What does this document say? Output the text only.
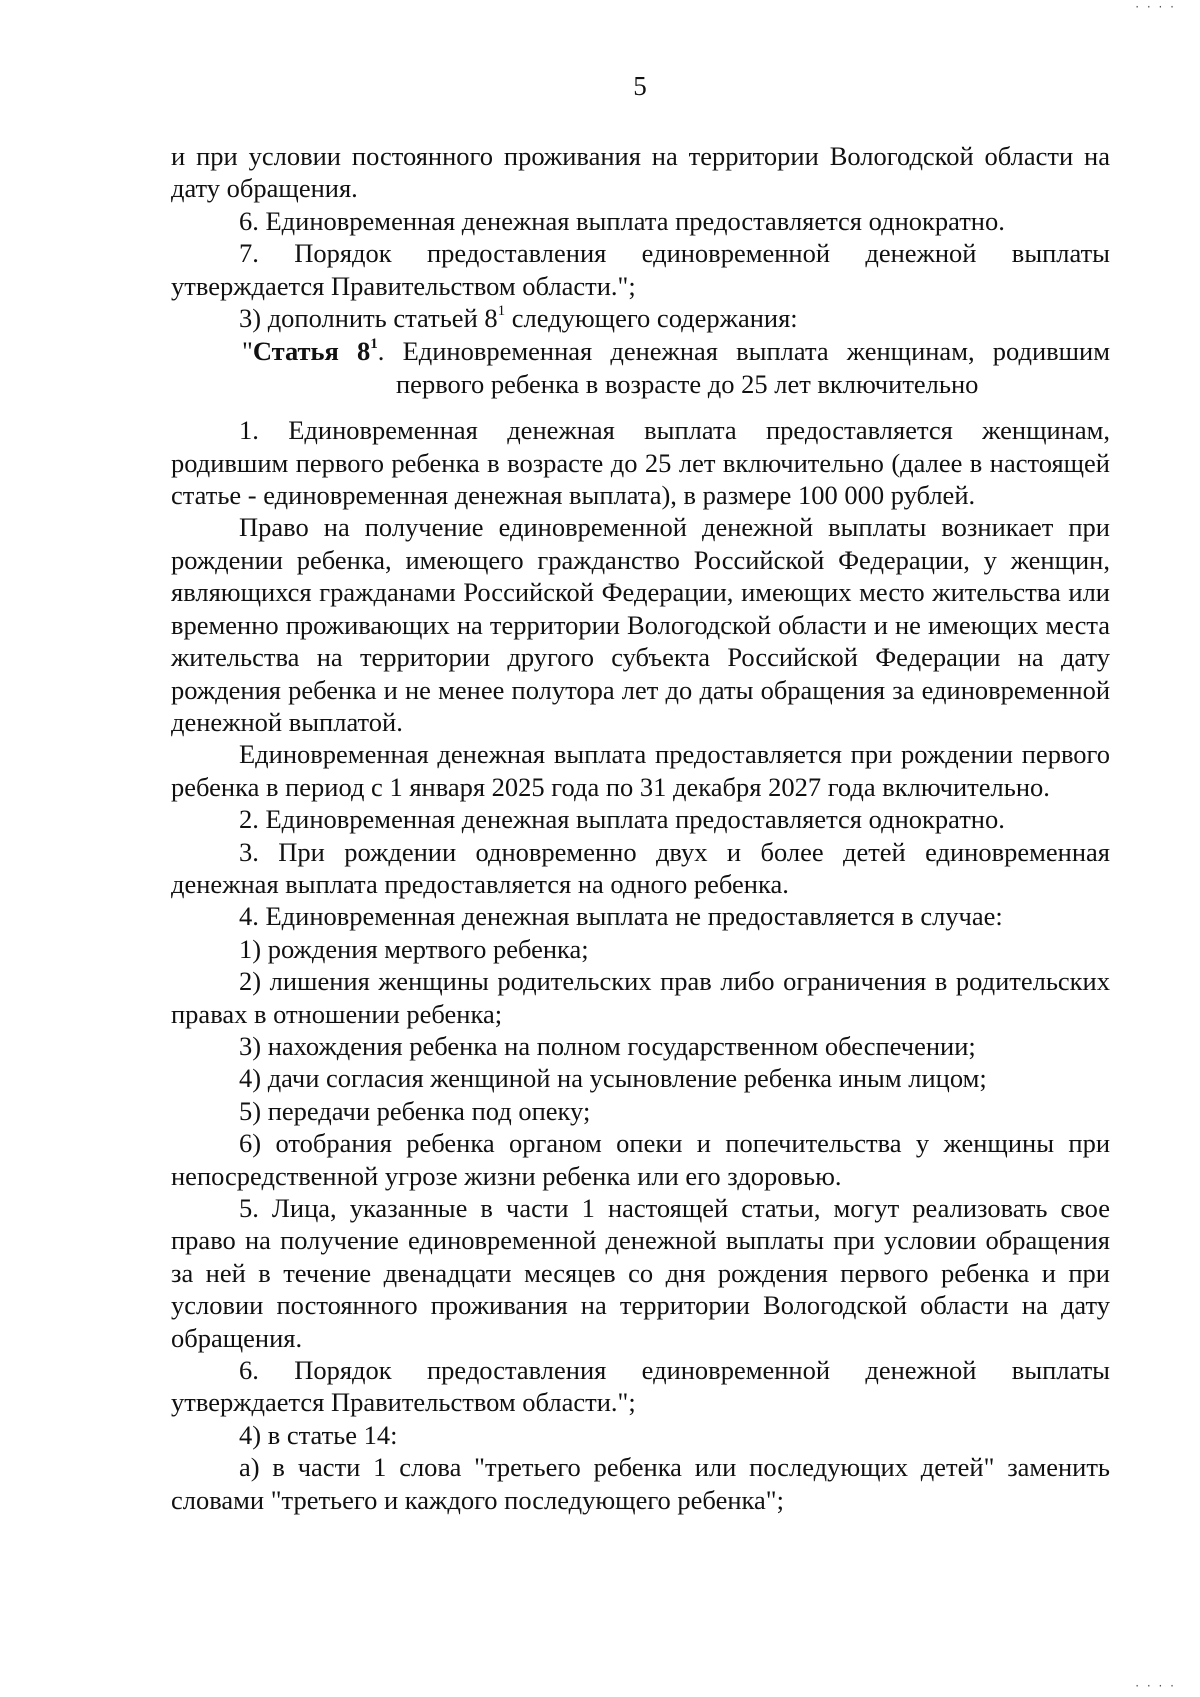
5

и при условии постоянного проживания на территории Вологодской области на дату обращения.

6. Единовременная денежная выплата предоставляется однократно.

7. Порядок предоставления единовременной денежной выплаты утверждается Правительством области.";

3) дополнить статьей $8^1$ следующего содержания:

"Статья $8^1$. Единовременная денежная выплата женщинам, родившим
первого ребенка в возрасте до 25 лет включительно

1. Единовременная денежная выплата предоставляется женщинам, родившим первого ребенка в возрасте до 25 лет включительно (далее в настоящей статье - единовременная денежная выплата), в размере 100 000 рублей.

Право на получение единовременной денежной выплаты возникает при рождении ребенка, имеющего гражданство Российской Федерации, у женщин, являющихся гражданами Российской Федерации, имеющих место жительства или временно проживающих на территории Вологодской области и не имеющих места жительства на территории другого субъекта Российской Федерации на дату рождения ребенка и не менее полутора лет до даты обращения за единовременной денежной выплатой.

Единовременная денежная выплата предоставляется при рождении первого ребенка в период с 1 января 2025 года по 31 декабря 2027 года включительно.

2. Единовременная денежная выплата предоставляется однократно.

3. При рождении одновременно двух и более детей единовременная денежная выплата предоставляется на одного ребенка.

4. Единовременная денежная выплата не предоставляется в случае:

1) рождения мертвого ребенка;

2) лишения женщины родительских прав либо ограничения в родительских правах в отношении ребенка;

3) нахождения ребенка на полном государственном обеспечении;

4) дачи согласия женщиной на усыновление ребенка иным лицом;

5) передачи ребенка под опеку;

6) отобрания ребенка органом опеки и попечительства у женщины при непосредственной угрозе жизни ребенка или его здоровью.

5. Лица, указанные в части 1 настоящей статьи, могут реализовать свое право на получение единовременной денежной выплаты при условии обращения за ней в течение двенадцати месяцев со дня рождения первого ребенка и при условии постоянного проживания на территории Вологодской области на дату обращения.

6. Порядок предоставления единовременной денежной выплаты утверждается Правительством области.";

4) в статье 14:

а) в части 1 слова "третьего ребенка или последующих детей" заменить словами "третьего и каждого последующего ребенка";

· · · ·
· · · ·
